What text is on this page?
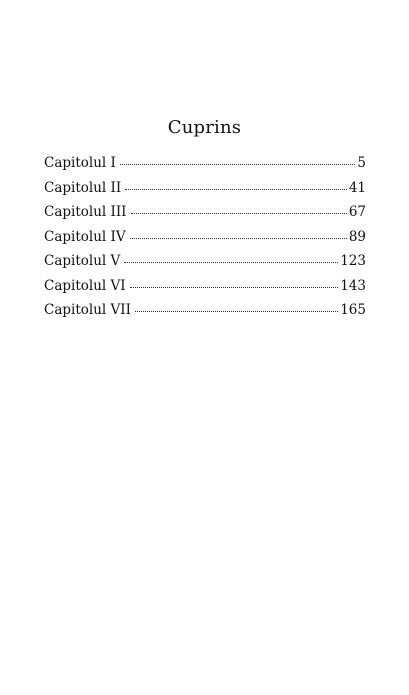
Cuprins
Capitolul I	5
Capitolul II	41
Capitolul III	67
Capitolul IV	89
Capitolul V	123
Capitolul VI	143
Capitolul VII	165
